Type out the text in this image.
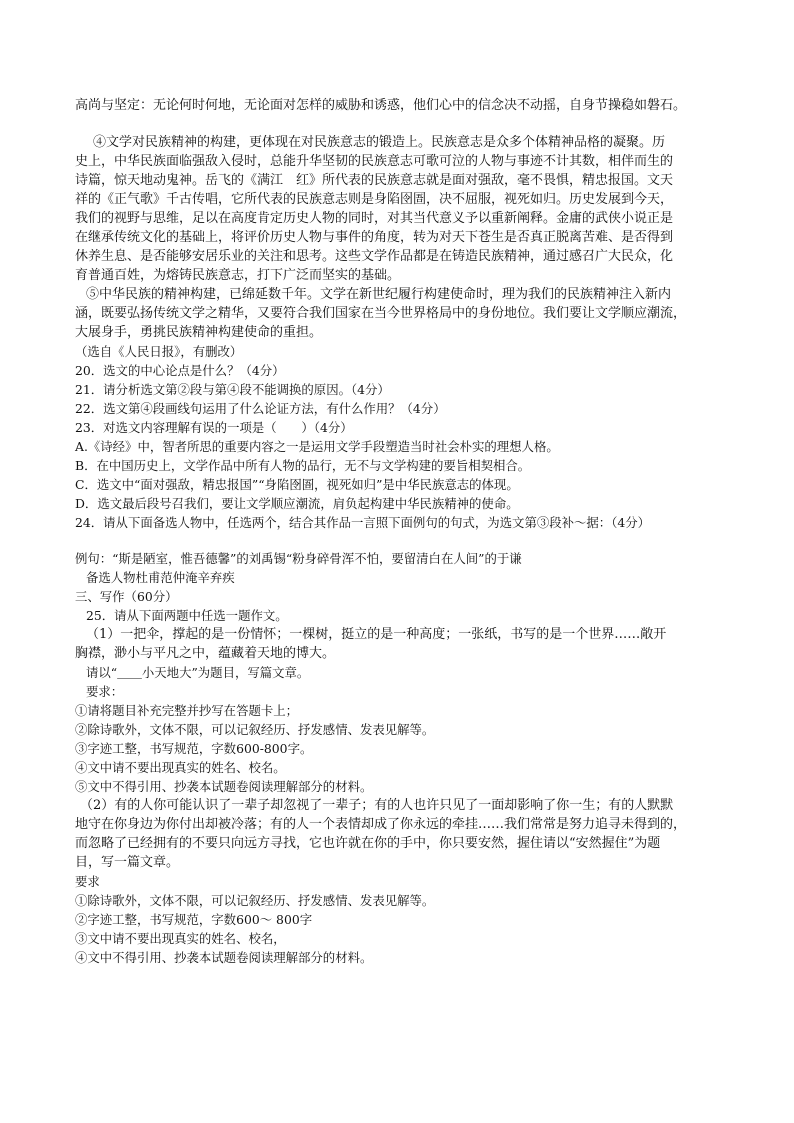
高尚与坚定：无论何时何地，无论面对怎样的威胁和诱惑，他们心中的信念决不动摇，自身节操稳如磐石。
④文学对民族精神的构建，更体现在对民族意志的锻造上。民族意志是众多个体精神品格的凝聚。历
史上，中华民族面临强敌入侵时，总能升华坚韧的民族意志可歌可泣的人物与事迹不计其数，相伴而生的
诗篇，惊天地动鬼神。岳飞的《满江　红》所代表的民族意志就是面对强敌，毫不畏惧，精忠报国。文天
祥的《正气歌》千古传唱，它所代表的民族意志则是身陷囹圄，决不屈服，视死如归。历史发展到今天，
我们的视野与思维，足以在高度肯定历史人物的同时，对其当代意义予以重新阐释。金庸的武侠小说正是
在继承传统文化的基础上，将评价历史人物与事件的角度，转为对天下苍生是否真正脱离苦难、是否得到
休养生息、是否能够安居乐业的关注和思考。这些文学作品都是在铸造民族精神，通过感召广大民众，化
育普通百姓，为熔铸民族意志，打下广泛而坚实的基础。
⑤中华民族的精神构建，已绵延数千年。文学在新世纪履行构建使命时，理为我们的民族精神注入新内
涵，既要弘扬传统文学之精华，又要符合我们国家在当今世界格局中的身份地位。我们要让文学顺应潮流，
大展身手，勇挑民族精神构建使命的重担。
（选自《人民日报》，有删改）
20．选文的中心论点是什么？（4分）
21．请分析选文第②段与第④段不能调换的原因。（4分）
22．选文第④段画线句运用了什么论证方法，有什么作用？（4分）
23．对选文内容理解有误的一项是（　　）（4分）
A.《诗经》中，智者所思的重要内容之一是运用文学手段塑造当时社会朴实的理想人格。
B．在中国历史上，文学作品中所有人物的品行，无不与文学构建的要旨相契相合。
C．选文中“面对强敌，精忠报国”“身陷囹圄，视死如归”是中华民族意志的体现。
D．选文最后段号召我们，要让文学顺应潮流，肩负起构建中华民族精神的使命。
24．请从下面备选人物中，任选两个，结合其作品一言照下面例句的句式，为选文第③段补～据：（4分）
例句：“斯是陋室，惟吾德馨”的刘禹锡“粉身碎骨浑不怕，要留清白在人间”的于谦
备选人物杜甫范仲淹辛弃疾
三、写作（60分）
25．请从下面两题中任选一题作文。
（1）一把伞，撑起的是一份情怀；一棵树，挺立的是一种高度；一张纸，书写的是一个世界……敞开
胸襟，渺小与平凡之中，蕴藏着天地的博大。
请以“＿＿小天地大”为题目，写篇文章。
要求：
①请将题目补充完整并抄写在答题卡上；
②除诗歌外，文体不限，可以记叙经历、抒发感情、发表见解等。
③字迹工整，书写规范，字数600-800字。
④文中请不要出现真实的姓名、校名。
⑤文中不得引用、抄袭本试题卷阅读理解部分的材料。
（2）有的人你可能认识了一辈子却忽视了一辈子；有的人也许只见了一面却影响了你一生；有的人默默
地守在你身边为你付出却被冷落；有的人一个表情却成了你永远的牵挂……我们常常是努力追寻未得到的，
而忽略了已经拥有的不要只向远方寻找，它也许就在你的手中，你只要安然，握住请以“安然握住”为题
目，写一篇文章。
要求
①除诗歌外，文体不限，可以记叙经历、抒发感情、发表见解等。
②字迹工整，书写规范，字数600～ 800字
③文中请不要出现真实的姓名、校名，
④文中不得引用、抄袭本试题卷阅读理解部分的材料。
